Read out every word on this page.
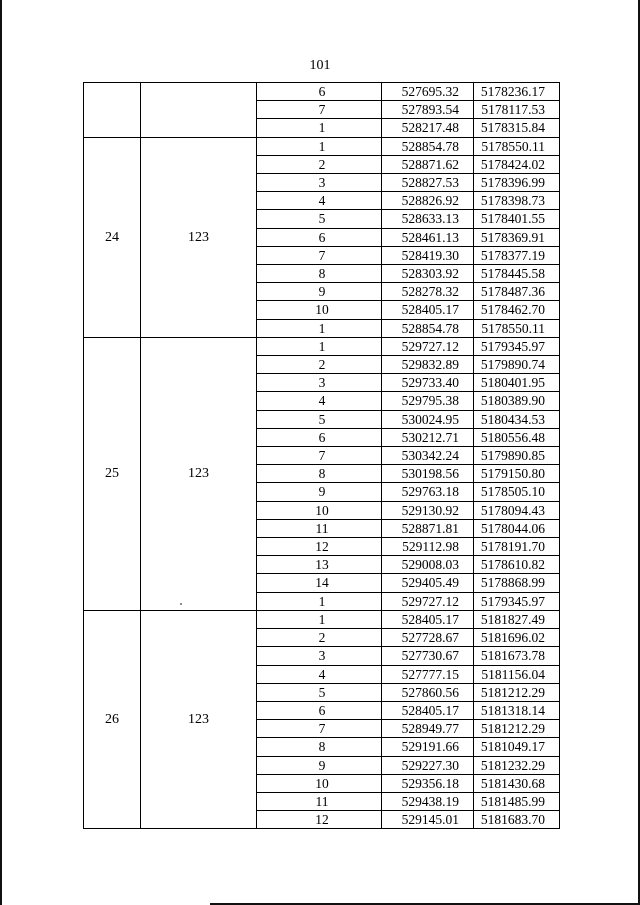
101
		6	527695.32	5178236.17
		7	527893.54	5178117.53
		1	528217.48	5178315.84
24	123	1	528854.78	5178550.11
		2	528871.62	5178424.02
		3	528827.53	5178396.99
		4	528826.92	5178398.73
		5	528633.13	5178401.55
		6	528461.13	5178369.91
		7	528419.30	5178377.19
		8	528303.92	5178445.58
		9	528278.32	5178487.36
		10	528405.17	5178462.70
		1	528854.78	5178550.11
25	123	1	529727.12	5179345.97
		2	529832.89	5179890.74
		3	529733.40	5180401.95
		4	529795.38	5180389.90
		5	530024.95	5180434.53
		6	530212.71	5180556.48
		7	530342.24	5179890.85
		8	530198.56	5179150.80
		9	529763.18	5178505.10
		10	529130.92	5178094.43
		11	528871.81	5178044.06
		12	529112.98	5178191.70
		13	529008.03	5178610.82
		14	529405.49	5178868.99
		1	529727.12	5179345.97
26	123	1	528405.17	5181827.49
		2	527728.67	5181696.02
		3	527730.67	5181673.78
		4	527777.15	5181156.04
		5	527860.56	5181212.29
		6	528405.17	5181318.14
		7	528949.77	5181212.29
		8	529191.66	5181049.17
		9	529227.30	5181232.29
		10	529356.18	5181430.68
		11	529438.19	5181485.99
		12	529145.01	5181683.70
